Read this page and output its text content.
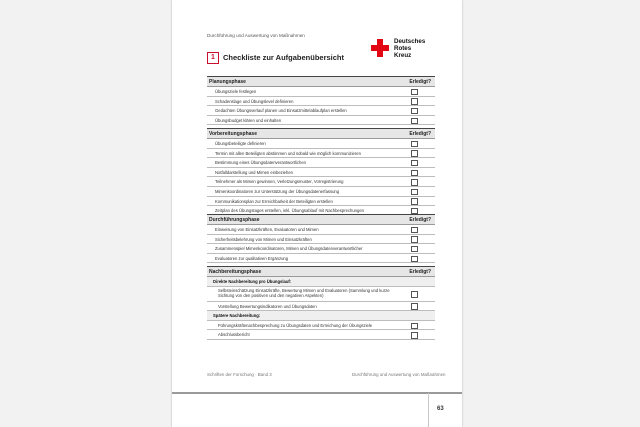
63
Durchführung und Auswertung von Maßnahmen
1	Checkliste zur Aufgabenübersicht
Deutsches
Rotes
Kreuz
Planungsphase	Erledigt?
Übungsziele festlegen
Schadenslage und Übungslevel definieren
Gedachten Übungsverlauf planen und Einsatzmittelablaufplan erstellen
Übungsbudget klären und einhalten
Vorbereitungsphase	Erledigt?
Übungsbeteiligte definieren
Termin mit allen Beteiligten abstimmen und sobald wie möglich kommunizieren
Bestimmung eines Übungsdatenverantwortlichen
Notfalldarstellung und Mimen einbeziehen
Teilnehmer als Mimen gewinnen, Verletzungsmuster, Vorregistrierung
Mimenkoordinatoren zur Unterstützung der Übungsdatenerfassung
Kommunikationsplan zur Erreichbarkeit der Beteiligten erstellen
Zeitplan des Übungstages erstellen, inkl. Übungsablauf mit Nachbesprechungen
Durchführungsphase	Erledigt?
Einweisung von Einsatzkräften, Evaluatoren und Mimen
Sicherheitsbelehrung von Mimen und Einsatzkräften
Zusammenspiel Mimenkoordinatoren, Mimen und Übungsdatenverantwortlicher
Evaluatoren zur qualitativen Ergänzung
Nachbereitungsphase	Erledigt?
Direkte Nachbereitung pro Übungslauf:
Selbsteinschätzung Einsatzkräfte, Bewertung Mimen und Evaluatoren (Sammlung und kurze Sichtung von den positiven und den negativen Aspekten)
Vorstellung Bewertungsindikatoren und Übungsdaten
Spätere Nachbereitung:
Führungskräftenachbesprechung zu Übungsdaten und Erreichung der Übungsziele
Abschlussbericht
Schriften der Forschung · Band 3	Durchführung und Auswertung von Maßnahmen
